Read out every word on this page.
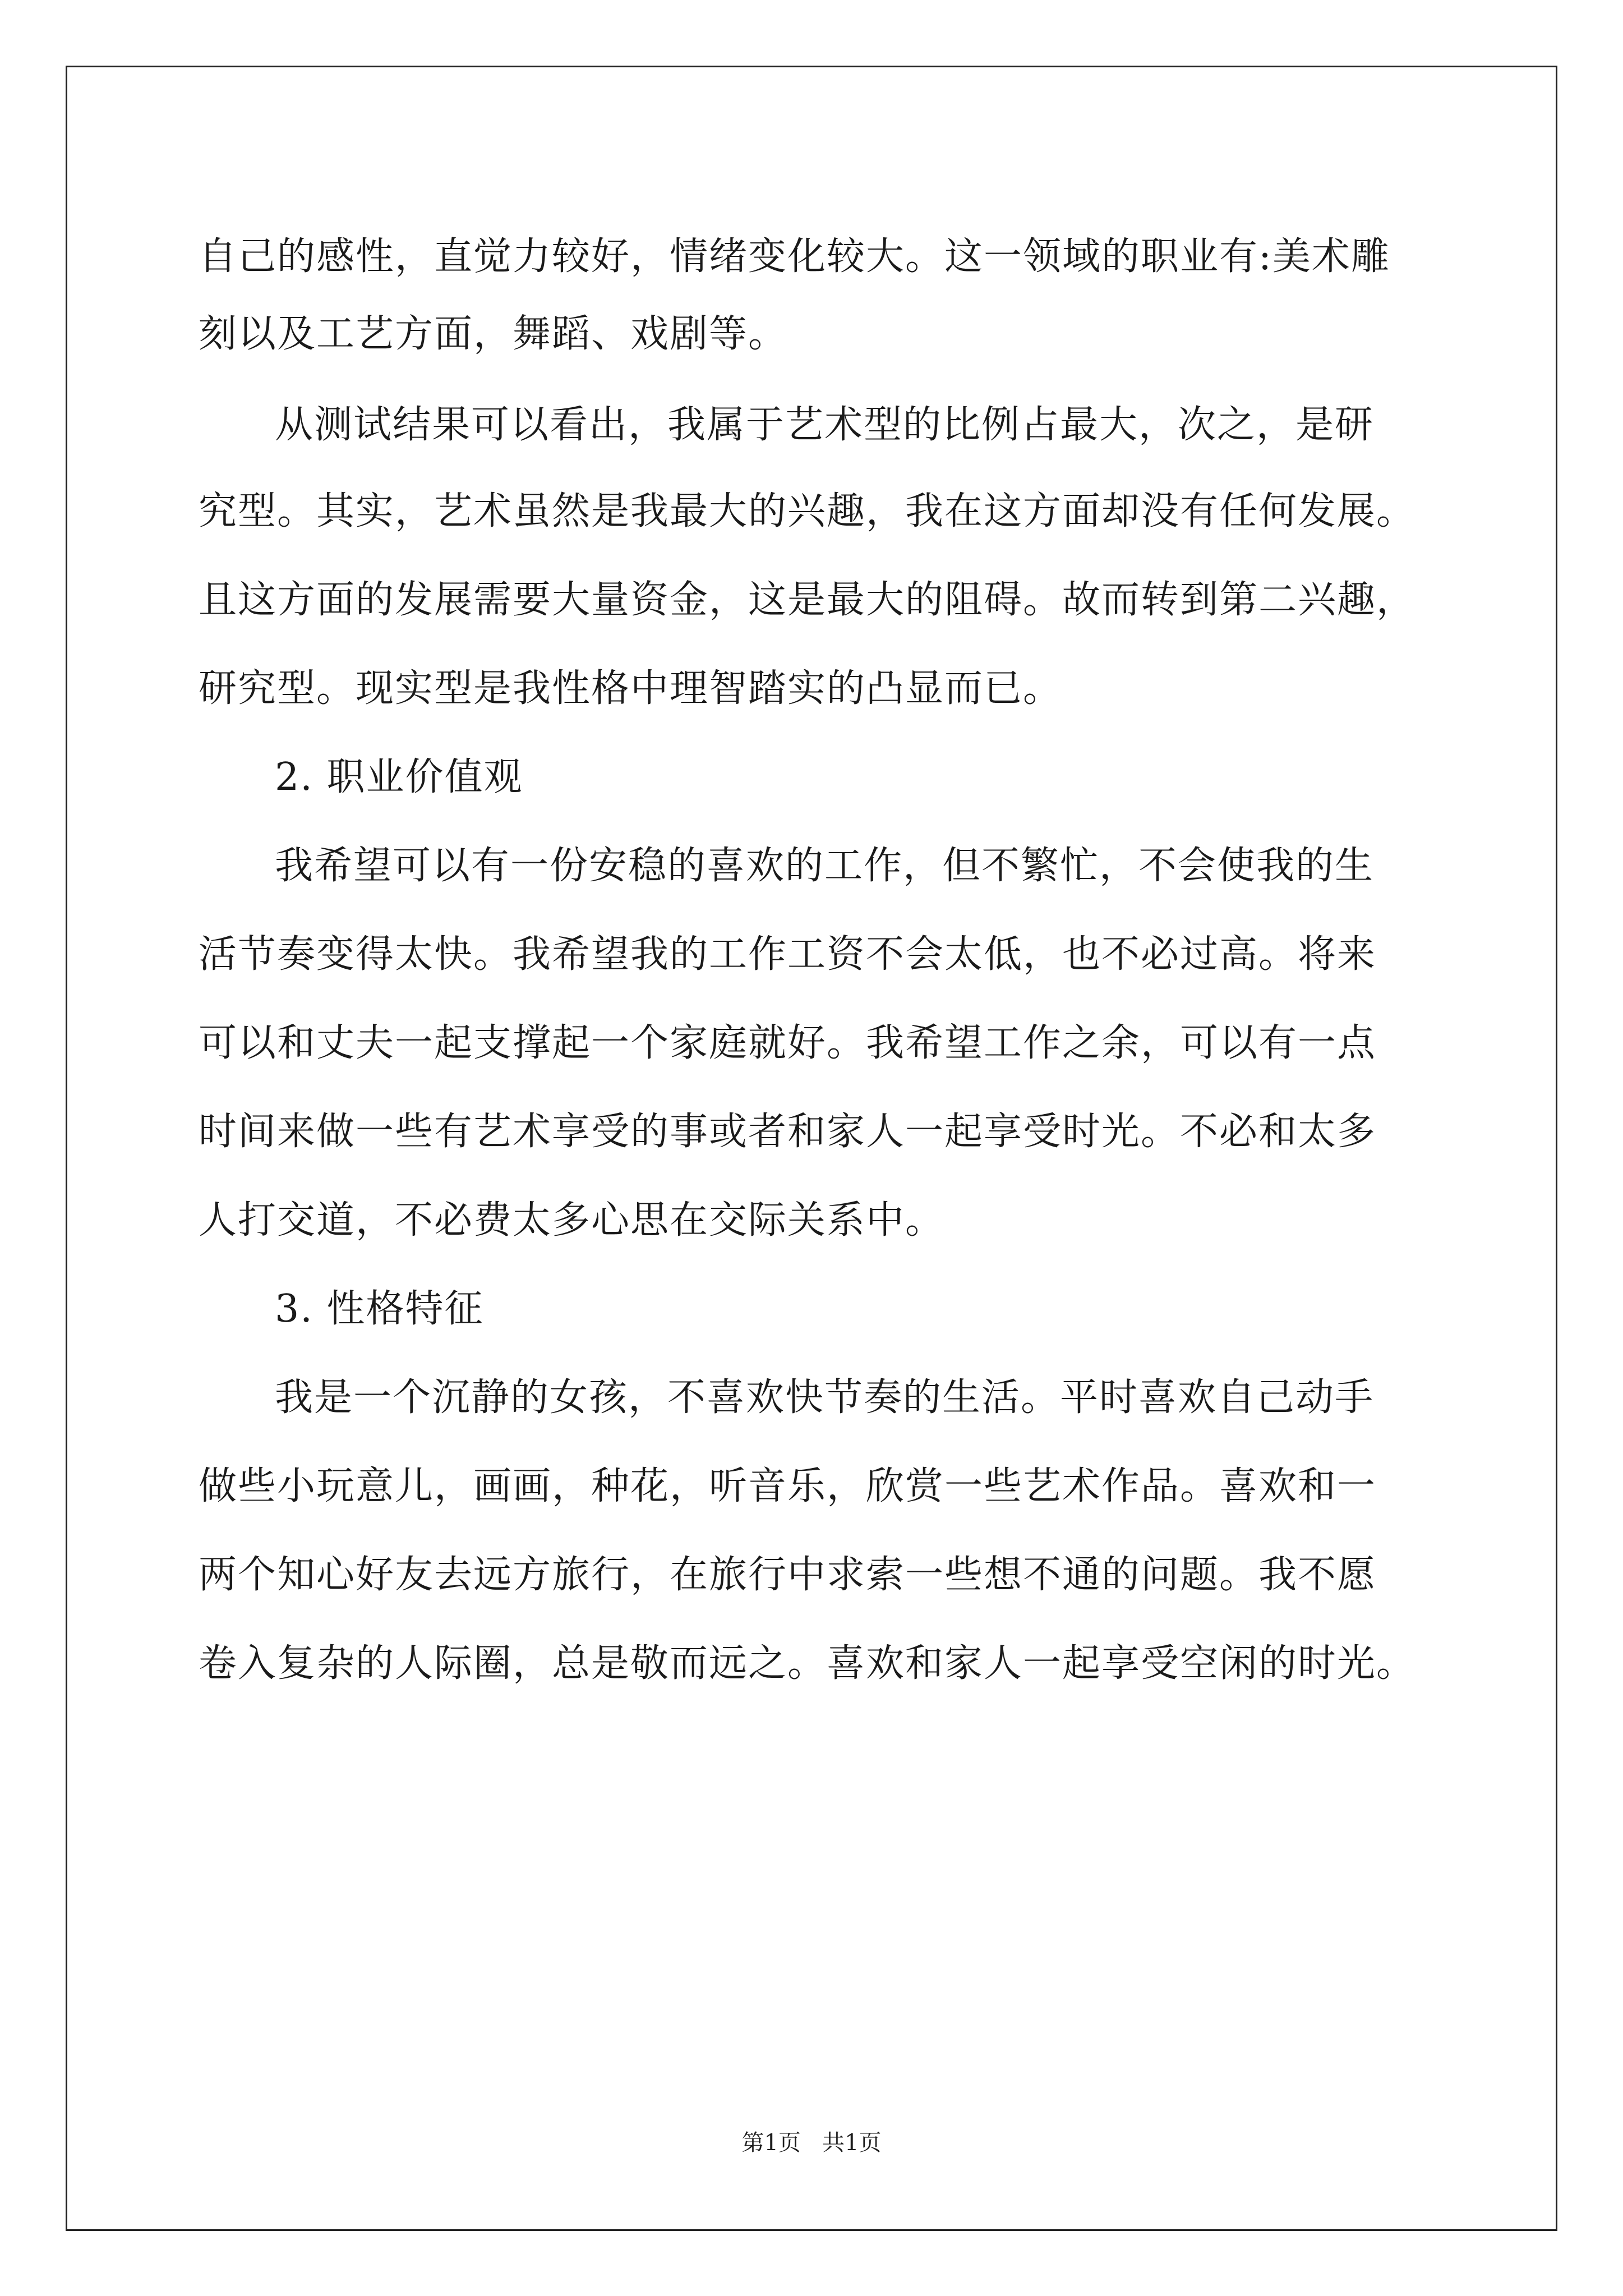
自己的感性，直觉力较好，情绪变化较大。这一领域的职业有:美术雕
刻以及工艺方面，舞蹈、戏剧等。
从测试结果可以看出，我属于艺术型的比例占最大，次之，是研
究型。其实，艺术虽然是我最大的兴趣，我在这方面却没有任何发展。
且这方面的发展需要大量资金，这是最大的阻碍。故而转到第二兴趣，
研究型。现实型是我性格中理智踏实的凸显而已。
2. 职业价值观
我希望可以有一份安稳的喜欢的工作，但不繁忙，不会使我的生
活节奏变得太快。我希望我的工作工资不会太低，也不必过高。将来
可以和丈夫一起支撑起一个家庭就好。我希望工作之余，可以有一点
时间来做一些有艺术享受的事或者和家人一起享受时光。不必和太多
人打交道，不必费太多心思在交际关系中。
3. 性格特征
我是一个沉静的女孩，不喜欢快节奏的生活。平时喜欢自己动手
做些小玩意儿，画画，种花，听音乐，欣赏一些艺术作品。喜欢和一
两个知心好友去远方旅行，在旅行中求索一些想不通的问题。我不愿
卷入复杂的人际圈，总是敬而远之。喜欢和家人一起享受空闲的时光。
第1页   共1页
